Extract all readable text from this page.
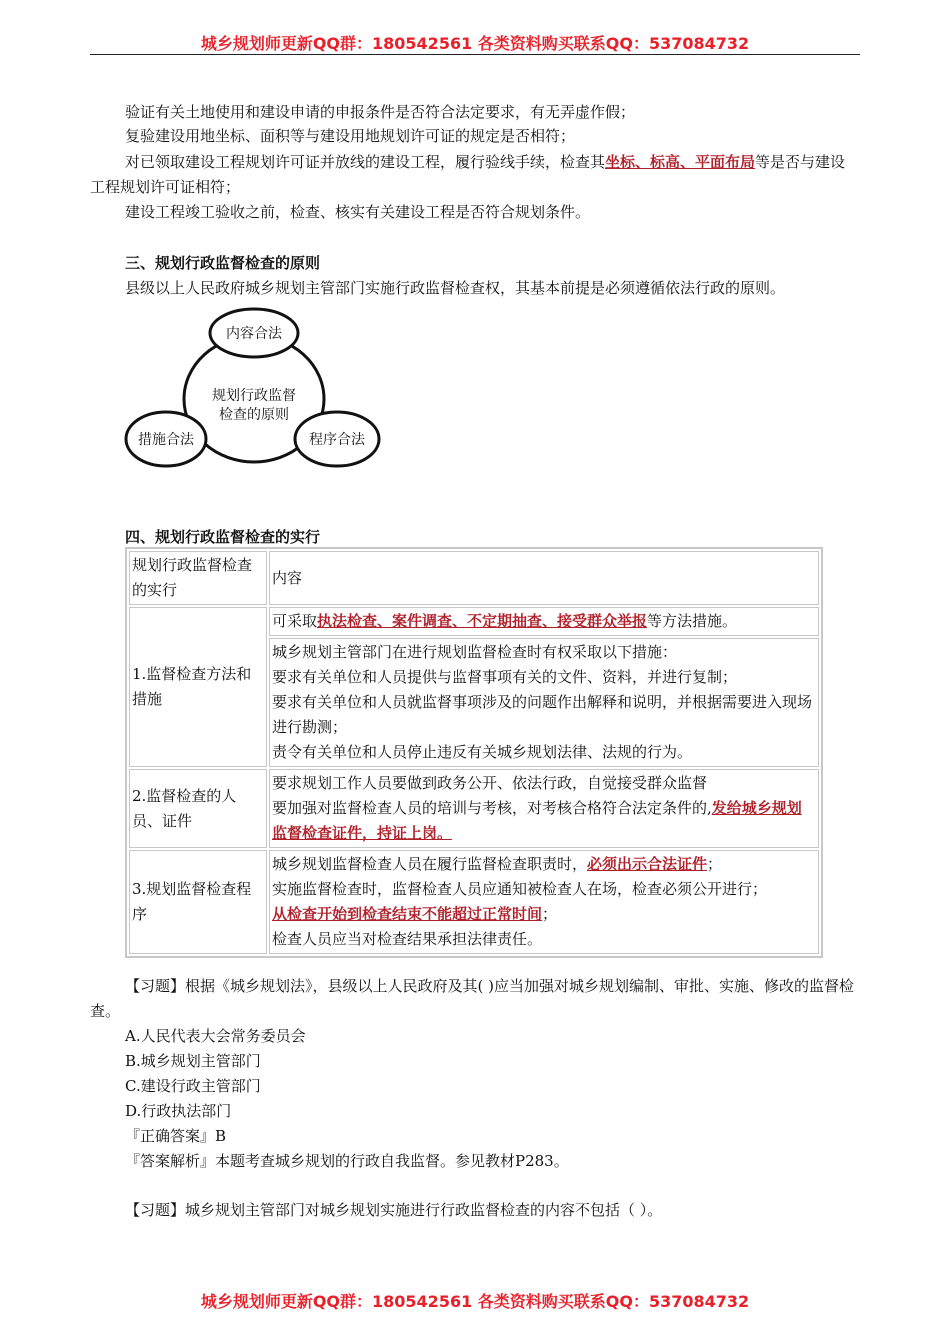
城乡规划师更新QQ群：180542561 各类资料购买联系QQ：537084732
验证有关土地使用和建设申请的申报条件是否符合法定要求，有无弄虚作假；
复验建设用地坐标、面积等与建设用地规划许可证的规定是否相符；
对已领取建设工程规划许可证并放线的建设工程，履行验线手续，检查其坐标、标高、平面布局等是否与建设工程规划许可证相符；
建设工程竣工验收之前，检查、核实有关建设工程是否符合规划条件。
三、规划行政监督检查的原则
县级以上人民政府城乡规划主管部门实施行政监督检查权，其基本前提是必须遵循依法行政的原则。
内容合法
规划行政监督
检查的原则
措施合法	程序合法
四、规划行政监督检查的实行
规划行政监督检查的实行	内容
1.监督检查方法和措施	可采取执法检查、案件调查、不定期抽查、接受群众举报等方法措施。

	城乡规划主管部门在进行规划监督检查时有权采取以下措施：
要求有关单位和人员提供与监督事项有关的文件、资料，并进行复制；
要求有关单位和人员就监督事项涉及的问题作出解释和说明，并根据需要进入现场进行勘测；
责令有关单位和人员停止违反有关城乡规划法律、法规的行为。

2.监督检查的人员、证件	要求规划工作人员要做到政务公开、依法行政，自觉接受群众监督
要加强对监督检查人员的培训与考核，对考核合格符合法定条件的,发给城乡规划监督检查证件，持证上岗。
3.规划监督检查程序	城乡规划监督检查人员在履行监督检查职责时，必须出示合法证件；
实施监督检查时，监督检查人员应通知被检查人在场，检查必须公开进行；
从检查开始到检查结束不能超过正常时间；
检查人员应当对检查结果承担法律责任。
【习题】根据《城乡规划法》，县级以上人民政府及其( )应当加强对城乡规划编制、审批、实施、修改的监督检查。
A.人民代表大会常务委员会
B.城乡规划主管部门
C.建设行政主管部门
D.行政执法部门
『正确答案』B
『答案解析』本题考查城乡规划的行政自我监督。参见教材P283。
【习题】城乡规划主管部门对城乡规划实施进行行政监督检查的内容不包括（ ）。
城乡规划师更新QQ群：180542561 各类资料购买联系QQ：537084732
